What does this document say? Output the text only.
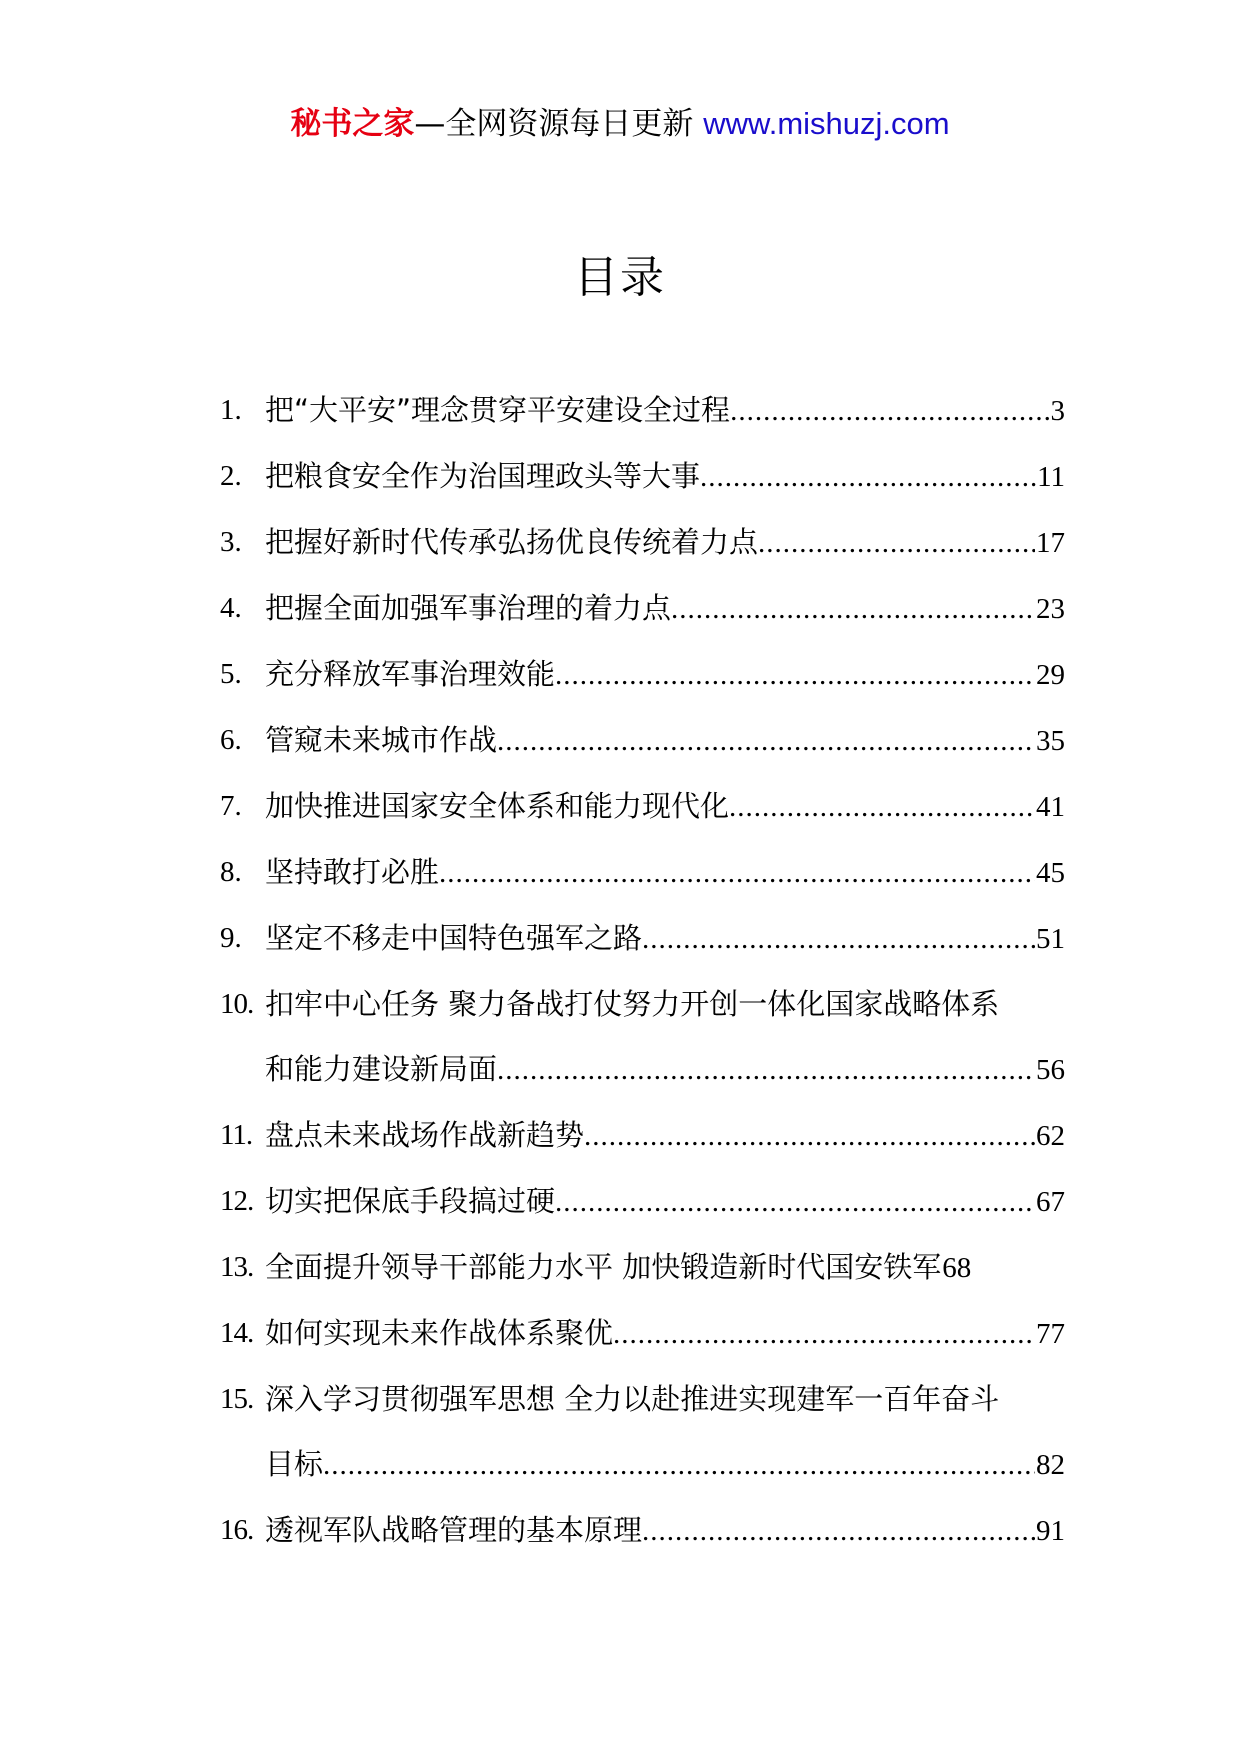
秘书之家—全网资源每日更新 www.mishuzj.com
目录
1. 把“大平安”理念贯穿平安建设全过程 .....	3
2. 把粮食安全作为治国理政头等大事 .....	11
3. 把握好新时代传承弘扬优良传统着力点 .....	17
4. 把握全面加强军事治理的着力点 .....	23
5. 充分释放军事治理效能 .....	29
6. 管窥未来城市作战 .....	35
7. 加快推进国家安全体系和能力现代化 .....	41
8. 坚持敢打必胜 .....	45
9. 坚定不移走中国特色强军之路 .....	51
10. 扣牢中心任务 聚力备战打仗努力开创一体化国家战略体系
和能力建设新局面 .....	56
11. 盘点未来战场作战新趋势 .....	62
12. 切实把保底手段搞过硬 .....	67
13. 全面提升领导干部能力水平 加快锻造新时代国安铁军 68
14. 如何实现未来作战体系聚优 .....	77
15. 深入学习贯彻强军思想 全力以赴推进实现建军一百年奋斗
目标 .....	82
16. 透视军队战略管理的基本原理 .....	91
